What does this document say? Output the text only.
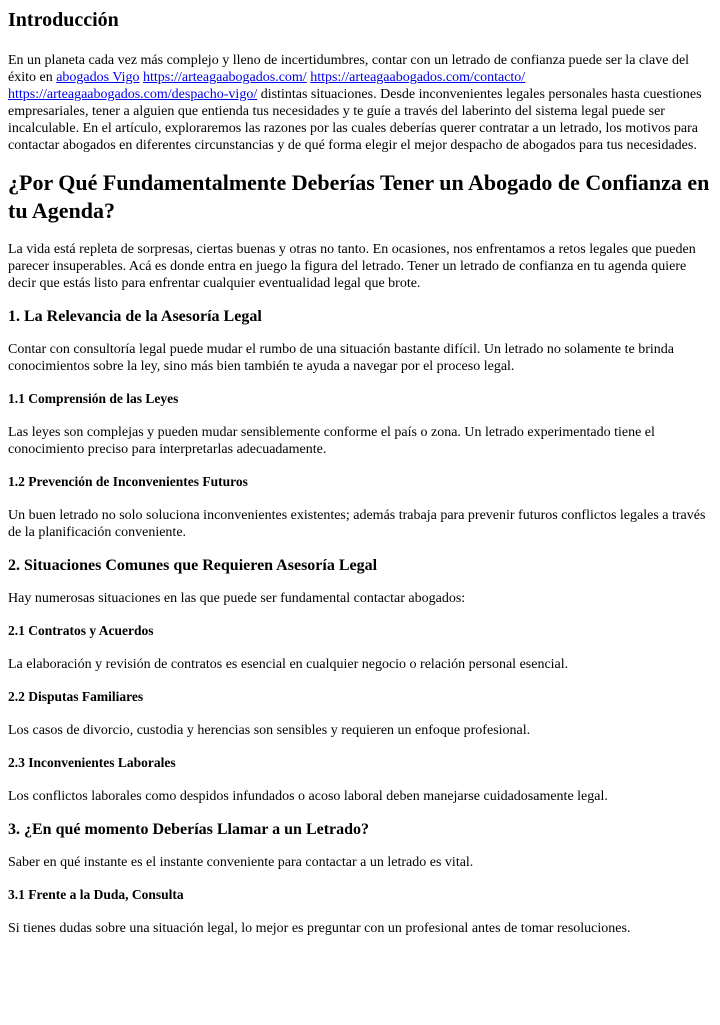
Introducción

En un planeta cada vez más complejo y lleno de incertidumbres, contar con un letrado de confianza puede ser la clave del éxito en abogados Vigo https://arteagaabogados.com/ https://arteagaabogados.com/contacto/ https://arteagaabogados.com/despacho-vigo/ distintas situaciones. Desde inconvenientes legales personales hasta cuestiones empresariales, tener a alguien que entienda tus necesidades y te guíe a través del laberinto del sistema legal puede ser incalculable. En el artículo, exploraremos las razones por las cuales deberías querer contratar a un letrado, los motivos para contactar abogados en diferentes circunstancias y de qué forma elegir el mejor despacho de abogados para tus necesidades.

¿Por Qué Fundamentalmente Deberías Tener un Abogado de Confianza en tu Agenda?

La vida está repleta de sorpresas, ciertas buenas y otras no tanto. En ocasiones, nos enfrentamos a retos legales que pueden parecer insuperables. Acá es donde entra en juego la figura del letrado. Tener un letrado de confianza en tu agenda quiere decir que estás listo para enfrentar cualquier eventualidad legal que brote.

1. La Relevancia de la Asesoría Legal

Contar con consultoría legal puede mudar el rumbo de una situación bastante difícil. Un letrado no solamente te brinda conocimientos sobre la ley, sino más bien también te ayuda a navegar por el proceso legal.

1.1 Comprensión de las Leyes

Las leyes son complejas y pueden mudar sensiblemente conforme el país o zona. Un letrado experimentado tiene el conocimiento preciso para interpretarlas adecuadamente.

1.2 Prevención de Inconvenientes Futuros

Un buen letrado no solo soluciona inconvenientes existentes; además trabaja para prevenir futuros conflictos legales a través de la planificación conveniente.

2. Situaciones Comunes que Requieren Asesoría Legal

Hay numerosas situaciones en las que puede ser fundamental contactar abogados:

2.1 Contratos y Acuerdos

La elaboración y revisión de contratos es esencial en cualquier negocio o relación personal esencial.

2.2 Disputas Familiares

Los casos de divorcio, custodia y herencias son sensibles y requieren un enfoque profesional.

2.3 Inconvenientes Laborales

Los conflictos laborales como despidos infundados o acoso laboral deben manejarse cuidadosamente legal.

3. ¿En qué momento Deberías Llamar a un Letrado?

Saber en qué instante es el instante conveniente para contactar a un letrado es vital.

3.1 Frente a la Duda, Consulta

Si tienes dudas sobre una situación legal, lo mejor es preguntar con un profesional antes de tomar resoluciones.
